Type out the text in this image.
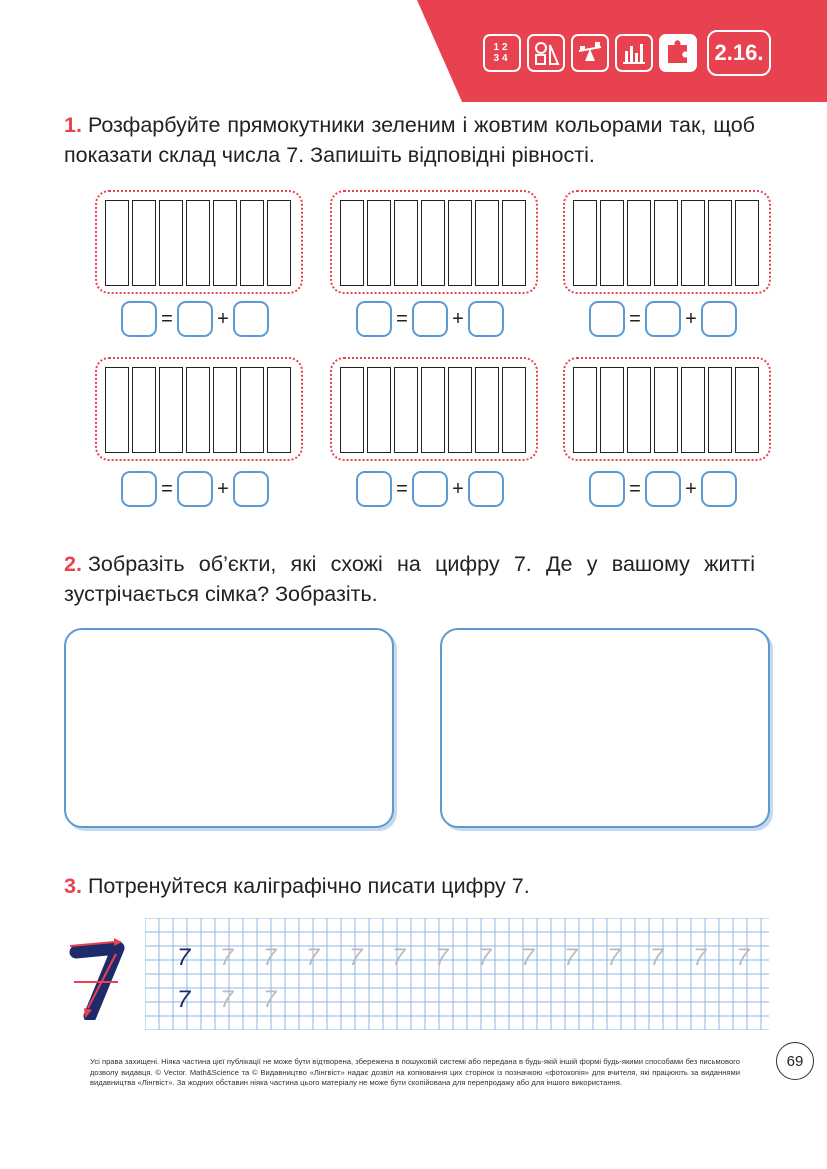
12
34	2.16.
1. Розфарбуйте прямокутники зеленим і жовтим кольорами так, щоб показати склад числа 7. Запишіть відповідні рівності.
= +	= +	= +
= +	= +	= +
2. Зобразіть об’єкти, які схожі на цифру 7. Де у вашому житті зустрічається сімка? Зобразіть.
3. Потренуйтеся каліграфічно писати цифру 7.
7 7 7 7 7 7 7 7 7 7 7 7 7 7
7 7 7
Усі права захищені. Ніяка частина цієї публікації не може бути відтворена, збережена в пошуковій системі або передана в будь-якій іншій формі будь-якими способами без письмового дозволу видавця. © Vector. Math&Science та © Видавництво «Лінгвіст» надає дозвіл на копіювання цих сторінок із позначкою «фотокопія» для вчителя, які працюють за виданнями видавництва «Лінгвіст». За жодних обставин ніяка частина цього матеріалу не може бути скопійована для перепродажу або для іншого використання.
69
